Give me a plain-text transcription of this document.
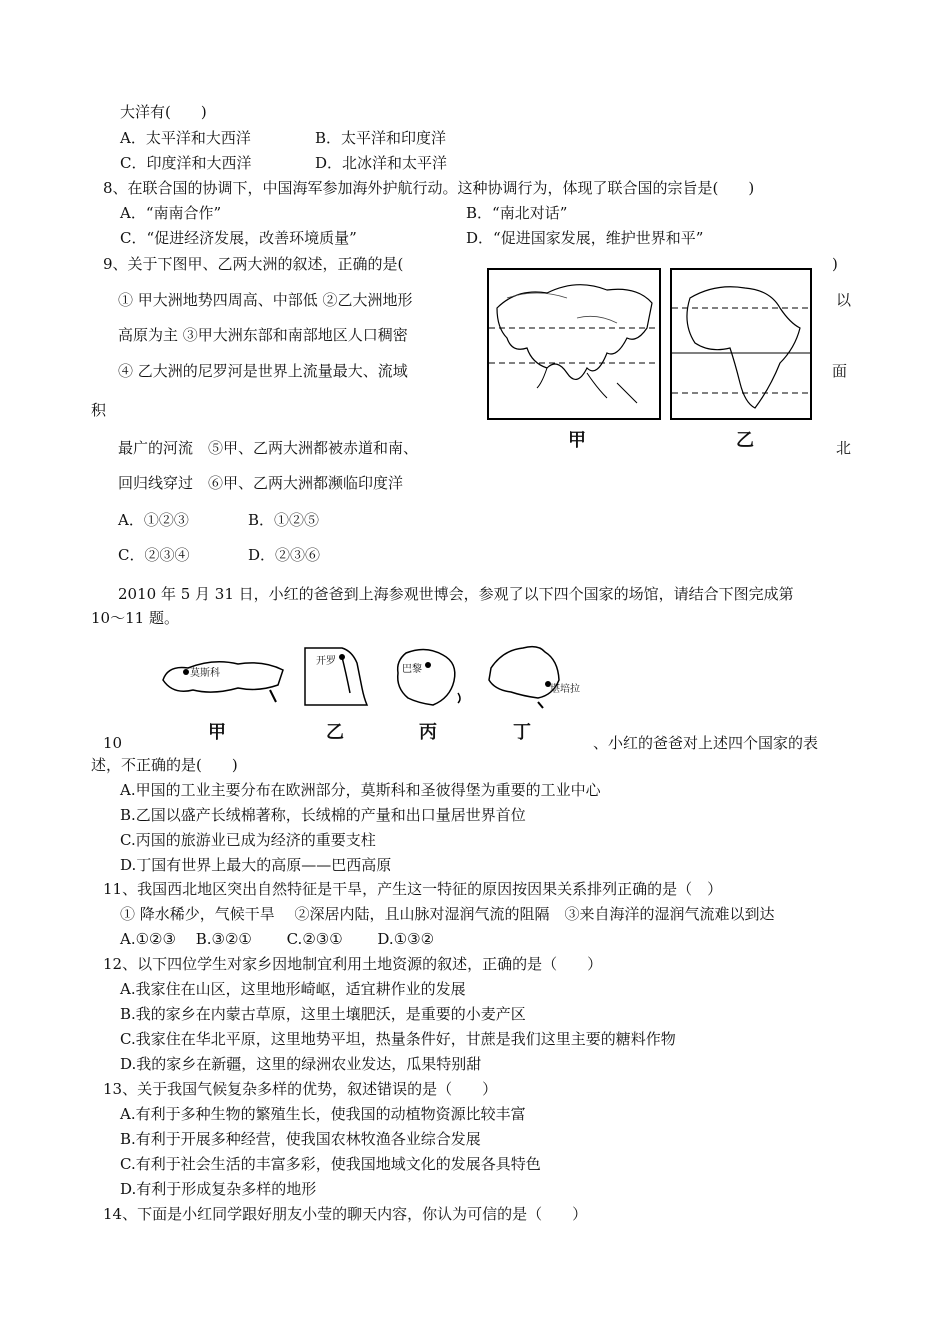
大洋有(　　)
A．太平洋和大西洋	B．太平洋和印度洋
C．印度洋和大西洋	D．北冰洋和太平洋
8、在联合国的协调下，中国海军参加海外护航行动。这种协调行为，体现了联合国的宗旨是(　　)
A．“南南合作”	B．“南北对话”
C．“促进经济发展，改善环境质量”	D．“促进国家发展，维护世界和平”
9、关于下图甲、乙两大洲的叙述，正确的是(	)
① 甲大洲地势四周高、中部低 ②乙大洲地形	以
高原为主 ③甲大洲东部和南部地区人口稠密
④ 乙大洲的尼罗河是世界上流量最大、流域	面
积
最广的河流　⑤甲、乙两大洲都被赤道和南、	北
回归线穿过　⑥甲、乙两大洲都濒临印度洋
A．①②③	B．①②⑤
C．②③④	D．②③⑥
甲	乙
2010 年 5 月 31 日，小红的爸爸到上海参观世博会，参观了以下四个国家的场馆，请结合下图完成第
10～11 题。
莫斯科
开罗
巴黎
堪培拉
甲	乙	丙	丁
10	、小红的爸爸对上述四个国家的表
述，不正确的是(　　)
A.甲国的工业主要分布在欧洲部分，莫斯科和圣彼得堡为重要的工业中心
B.乙国以盛产长绒棉著称，长绒棉的产量和出口量居世界首位
C.丙国的旅游业已成为经济的重要支柱
D.丁国有世界上最大的高原——巴西高原
11、我国西北地区突出自然特征是干旱，产生这一特征的原因按因果关系排列正确的是（　）
① 降水稀少，气候干旱　 ②深居内陆，且山脉对湿润气流的阻隔　③来自海洋的湿润气流难以到达
A.①②③　 B.③②①　　 C.②③①　　 D.①③②
12、以下四位学生对家乡因地制宜利用土地资源的叙述，正确的是（　　）
A.我家住在山区，这里地形崎岖，适宜耕作业的发展
B.我的家乡在内蒙古草原，这里土壤肥沃，是重要的小麦产区
C.我家住在华北平原，这里地势平坦，热量条件好，甘蔗是我们这里主要的糖料作物
D.我的家乡在新疆，这里的绿洲农业发达，瓜果特别甜
13、关于我国气候复杂多样的优势，叙述错误的是（　　）
A.有利于多种生物的繁殖生长，使我国的动植物资源比较丰富
B.有利于开展多种经营，使我国农林牧渔各业综合发展
C.有利于社会生活的丰富多彩，使我国地域文化的发展各具特色
D.有利于形成复杂多样的地形
14、下面是小红同学跟好朋友小莹的聊天内容，你认为可信的是（　　）
